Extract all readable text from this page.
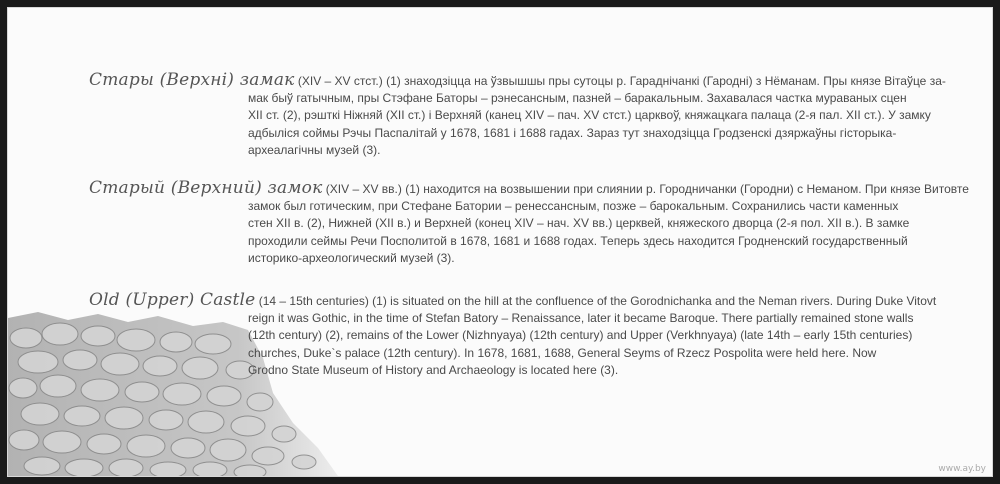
Стары (Верхні) замак (XIV – XV стст.) (1) знаходзіцца на ўзвышшы пры сутоцы р. Гараднічанкі (Гародні) з Нёманам. Пры князе Вітаўце за-
мак быў гатычным, пры Стэфане Баторы – рэнесансным, пазней – баракальным. Захавалася частка мураваных сцен
XII ст. (2), рэшткі Ніжняй (XII ст.) і Верхняй (канец XIV – пач. XV стст.) царквоў, княжацкага палаца (2-я пал. XII ст.). У замку
адбыліся соймы Рэчы Паспалітай у 1678, 1681 і 1688 гадах. Зараз тут знаходзіцца Гродзенскі дзяржаўны гісторыка-
археалагічны музей (3).
Старый (Верхний) замок (XIV – XV вв.) (1) находится на возвышении при слиянии р. Городничанки (Городни) с Неманом. При князе Витовте
замок был готическим, при Стефане Батории – ренессансным, позже – барокальным. Сохранились части каменных
стен XII в. (2), Нижней (XII в.) и Верхней (конец XIV – нач. XV вв.) церквей, княжеского дворца (2-я пол. XII в.). В замке
проходили сеймы Речи Посполитой в 1678, 1681 и 1688 годах. Теперь здесь находится Гродненский государственный
историко-археологический музей (3).
Old (Upper) Castle (14 – 15th centuries) (1) is situated on the hill at the confluence of the Gorodnichanka and the Neman rivers. During Duke Vitovt
reign it was Gothic, in the time of Stefan Batory – Renaissance, later it became Baroque. There partially remained stone walls
(12th century) (2), remains of the Lower (Nizhnyaya) (12th century) and Upper (Verkhnyaya) (late 14th – early 15th centuries)
churches, Duke`s palace (12th century). In 1678, 1681, 1688, General Seyms of Rzecz Pospolita were held here. Now
Grodno State Museum of History and Archaeology is located here (3).
www.ay.by
